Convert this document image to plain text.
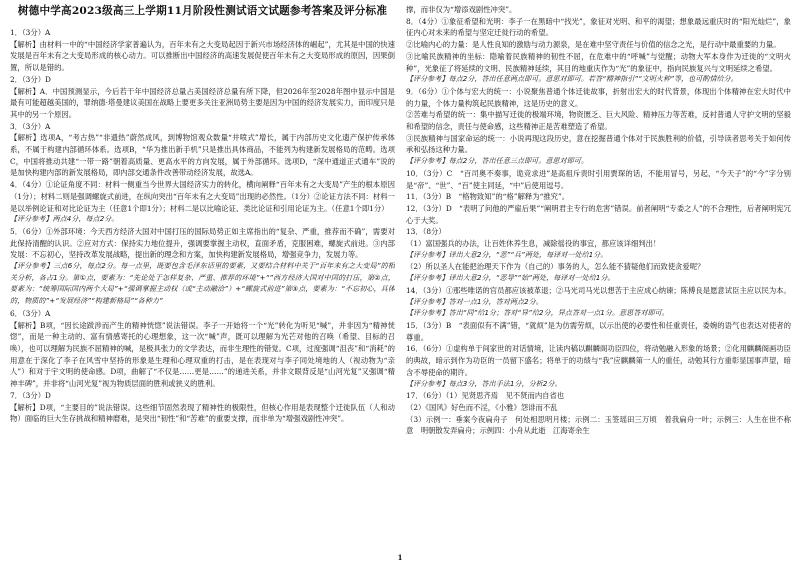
树德中学高2023级高三上学期11月阶段性测试语文试题参考答案及评分标准

1．（3分）A

【解析】由材料一中的“中国经济学家普遍认为，百年未有之大变局起因于新兴市场经济体的崛起”，尤其是中国的快速发展是百年未有之大变局形成的核心动力。可以推断出中国经济的高速发展促使百年未有之大变局形成的原因，因果倒置，所以是错的。

2．（3分）D

【解析】A．中国预测显示，今后若干年中国经济总量占美国经济总量有所下降，但2026年至2028年图中显示中国是最有可能超越美国的，罪纳德·塔曼建议美国在战略上要更多关注亚洲局势主要是因为中国的经济发展实力，而印度只是其中的另一个原因。

3．（3分）A

【解析】选项A，“考古热”“非遗热”蔚然成风，到博物馆观众数量“井喷式”增长，属于内部历史文化遗产保护传承体系，不属于构建内部循环体系。选项B，“华为推出新手机”只是推出具体商品，不能列为构建新发展格局的范畴。选项C，中国将推动共建“一带一路”朝着高质量、更高水平的方向发展，属于外部循环。选项D，“深中通道正式通车”说的是加快构建内部的新发展格局，即内部交通条件改善带动经济发展，故选A。

4．（4分）①论证角度不同：材料一侧重当今世界大国经济实力的转化，横向阐释“百年未有之大变局”产生的根本原因（1分）；材料二则是强调螺旋式前进，在纵向突出“百年未有之大变局”出现的必然性。（1分）②论证方法不同：材料一是以举例论证和对比论证为主（任意1个即1分）；材料二是以比喻论证、类比论证和引用论证为主。（任意1个即1分）

【评分参考】两点4分，每点2分。

5．（6分）①外部环境：今天西方经济大国对中国打压的国际局势正如主席指出的“复杂、严重，推荐而不确”，需要对此保持清醒的认识。②应对方式：保持实力地位提升，强调要掌握主动权，直面矛盾，克服困难，螺旋式前进。③内部发展：不忘初心，坚持改革发展战略，提出新的理念和方案，加快构建新发展格局，增强竞争力，发展力等。

【评分参考】三点6分，每点2分。每一点里，既要包含毛泽东话里的要素，又要结合材料中关于“百年未有之大变局”的相关分析，各占1分。第①点，要素为：“先论处于怎样复杂、严重、推荐的环境”+“”西方经济大国对中国的打压，第②点，要素为：“统筹国际国内两个大局”+“强调掌握主动权（或“主动融洽”）+“螺旋式前进”第③点，要素为：“不忘初心，具体的，物质的”+“发展经济”“构建新格局”“各种力”

6．（3分）A

【解析】B项，“因长途跋涉而产生的精神恍惚”说法错误。李子一开始将一个“光”转化为听见“喊”，并非因为“精神恍惚”，而是一种主动的、富有情感寄托的心理想象，这一次“喊”声，既可以理解为光芒对他的召唤（希望、目标的召唤），也可以理解为民族不屈精神的喊，是极具张力的文学表达，而非生理性的错觉。C项，过度强调“沮丧”和“消耗”的用意在于深化了李子在风雪中坚持的形象是生理和心理双重的打击，是在表现对与李子同处境地的人（视动物为“亲人”）和对于宇文明的使命感。D项，曲解了“不仅是……更是……”的递进关系，并非文眼背反是“山河光复”又强调“精神丰碑”，并非将“山河光复”视为物质层面的胜利或狭义的胜利。

7．（3分）D

【解析】D项，“主要目的”说法错误。这些细节固然表现了精神性的极限性，但核心作用是表现整个迁徙队伍（人和动物）面临的巨大生存挑战和精神磨难，是突出“韧性”和“苦难”的重要支撑，而非单为“增强戏剧性冲突”。

撑，而非仅为“增添戏剧性冲突”。

8．（4分）①象征希望和光明：李子一在黑暗中“找光”，象征对光明、和平的渴望；想象最远重庆时的“阳光灿烂”，象征内心对未来的希望与坚定迁徙行动的希望。

②比喻内心的力量：是人性良知的激励与动力源泉，是在难中坚守责任与价值的信念之光，是行动中最重要的力量。

③比喻民族精神的坐标：隐喻着民族精神的韧性不屈，在危难中的“呼喊”与觉醒；动物大军本身作为迁徙的“文明火种”，光象征了将延续的文明、民族精神延续，其目的地重庆作为“光”的象征中，指向民族复兴与文明延续之希望。

【评分参考】每点2分，答出任意两点即可。意思对即可。若答“精神指引”“文明火种”等，也可酌情给分。

9．（6分）①个体与宏大的统一：小说聚焦普通个体迁徙故事，折射出宏大的时代背景，体现出个体精神在宏大时代中的力量，个体力量构筑起民族精神，这是历史的意义。

②苦难与希望的统一：集中描写迁徙的极端环境，物资匮乏、巨大风险、精神压力等苦难，反衬普通人守护文明的坚毅和希望的信念，责任与使命感，这些精神正是苦难塑造了希望。

③民族精神与国家命运的统一：小说再现这段历史，意在挖掘普通个体对于民族胜利的价值，引导读者思考关于如何传承和弘扬这种力量。

【评分参考】每点2分，答出任意三点即可。意思对即可。

10．（3分）C　“百司奥不奏事，诡竞求进”是高祖斥责时引用贾琛的话，不能用冒号，另起，“今天子”的“今”字分别是“帝”、“世”、“百”使主同延，“中”后使用逗号。

11．（3分）B　“格物致知”的“格”解释为“推究”。

12．（3分）D　“表明了问他的严雇后果”“阐明君主专行的危害”错误。前者阐明“专委之人”的不合理性，后者阐明宪冗心于大奖。

13．（8分）

（1）富国强兵的办法，让百姓休养生息，减除徭役的事宜，都应该详细判出！

【评分参考】译出大意2分，“恶”“兵”两处，每译对一处给1分。

（2）所以圣人在能把治理天下作为（自己的）事务的人，怎么能不猜疑他们而致使贪爱呢？

【评分参考】译出大意2分，“恶导”“始”两处，每译对一处给1分。

14．（3分）①那些唯诺的官员都应该被革退；②马光司马光以想苦于主应成心纳谏；陈傅良是愿意试臣主应以民为本。

【评分参考】答对一点1分，答对两点2分。

【评分参考】答出“同”给1分；答对“异”给2分，异点答对一点1分。意思答对即可。

15．（3分）B　“表面似有不满”错，“就烦”是为仿需劳烦，以示出使的必要性和任重责任，委婉的语气也表达对使者的尊重。

16．（6分）①虚构单于间家世的对话情境，让读内稿以麒麟阁功臣四位，将动勉融入形象的场景；②化用麒麟阁画功臣的典故，暗示到作为功臣的一员留下盛名；将单于的功绩与“我”应麒麟第一人的重任，动勉其行方重彰显国事声望，暗含不辱使命的期许。

【评分参考】每点3分，答出手法1分，分析2分。

17．（6分）（1）见贤思齐焉　见不贤而内自省也

（2）《国风》好色而不淫，《小雅》怨诽而不乱

（3）示例一：垂案今夜扁舟子　何处相思明月楼；示例二：玉签瑶田三万顷　着我扁舟一叶；示例三：人生在世不称意　明朝散发弄扁舟；示例四：小舟从此逝　江海寄余生

1
